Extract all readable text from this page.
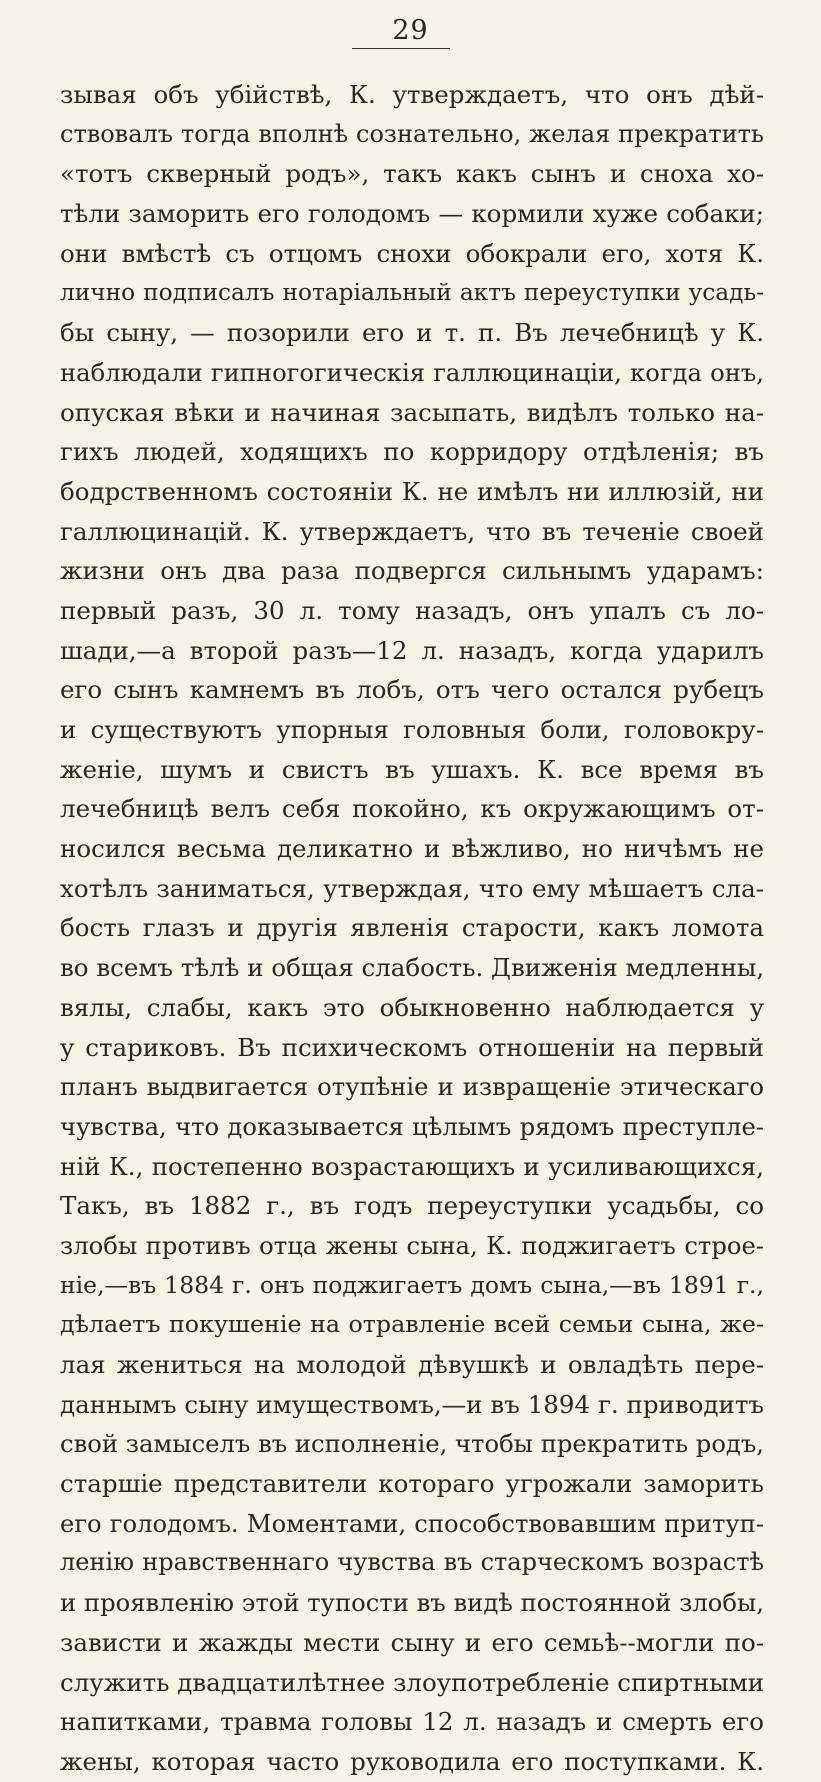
29
зывая объ убійствѣ, К. утверждаетъ, что онъ дѣй-
ствовалъ тогда вполнѣ сознательно, желая прекратить
«тотъ скверный родъ», такъ какъ сынъ и сноха хо-
тѣли заморить его голодомъ — кормили хуже собаки;
они вмѣстѣ съ отцомъ снохи обокрали его, хотя К.
лично подписалъ нотаріальный актъ переуступки усадь-
бы сыну, — позорили его и т. п. Въ лечебницѣ у К.
наблюдали гипногогическія галлюцинаціи, когда онъ,
опуская вѣки и начиная засыпать, видѣлъ только на-
гихъ людей, ходящихъ по корридору отдѣленія; въ
бодрственномъ состояніи К. не имѣлъ ни иллюзій, ни
галлюцинацій. К. утверждаетъ, что въ теченіе своей
жизни онъ два раза подвергся сильнымъ ударамъ:
первый разъ, 30 л. тому назадъ, онъ упалъ съ ло-
шади,—а второй разъ—12 л. назадъ, когда ударилъ
его сынъ камнемъ въ лобъ, отъ чего остался рубецъ
и существуютъ упорныя головныя боли, головокру-
женіе, шумъ и свистъ въ ушахъ. К. все время въ
лечебницѣ велъ себя покойно, къ окружающимъ от-
носился весьма деликатно и вѣжливо, но ничѣмъ не
хотѣлъ заниматься, утверждая, что ему мѣшаетъ сла-
бость глазъ и другія явленія старости, какъ ломота
во всемъ тѣлѣ и общая слабость. Движенія медленны,
вялы, слабы, какъ это обыкновенно наблюдается у
у стариковъ. Въ психическомъ отношеніи на первый
планъ выдвигается отупѣніе и извращеніе этическаго
чувства, что доказывается цѣлымъ рядомъ преступле-
ній К., постепенно возрастающихъ и усиливающихся,
Такъ, въ 1882 г., въ годъ переуступки усадьбы, со
злобы противъ отца жены сына, К. поджигаетъ строе-
ніе,—въ 1884 г. онъ поджигаетъ домъ сына,—въ 1891 г.,
дѣлаетъ покушеніе на отравленіе всей семьи сына, же-
лая жениться на молодой дѣвушкѣ и овладѣть пере-
даннымъ сыну имуществомъ,—и въ 1894 г. приводитъ
свой замыселъ въ исполненіе, чтобы прекратить родъ,
старшіе представители котораго угрожали заморить
его голодомъ. Моментами, способствовавшим притуп-
ленію нравственнаго чувства въ старческомъ возрастѣ
и проявленію этой тупости въ видѣ постоянной злобы,
зависти и жажды мести сыну и его семьѣ--могли по-
служить двадцатилѣтнее злоупотребленіе спиртными
напитками, травма головы 12 л. назадъ и смерть его
жены, которая часто руководила его поступками. К.
